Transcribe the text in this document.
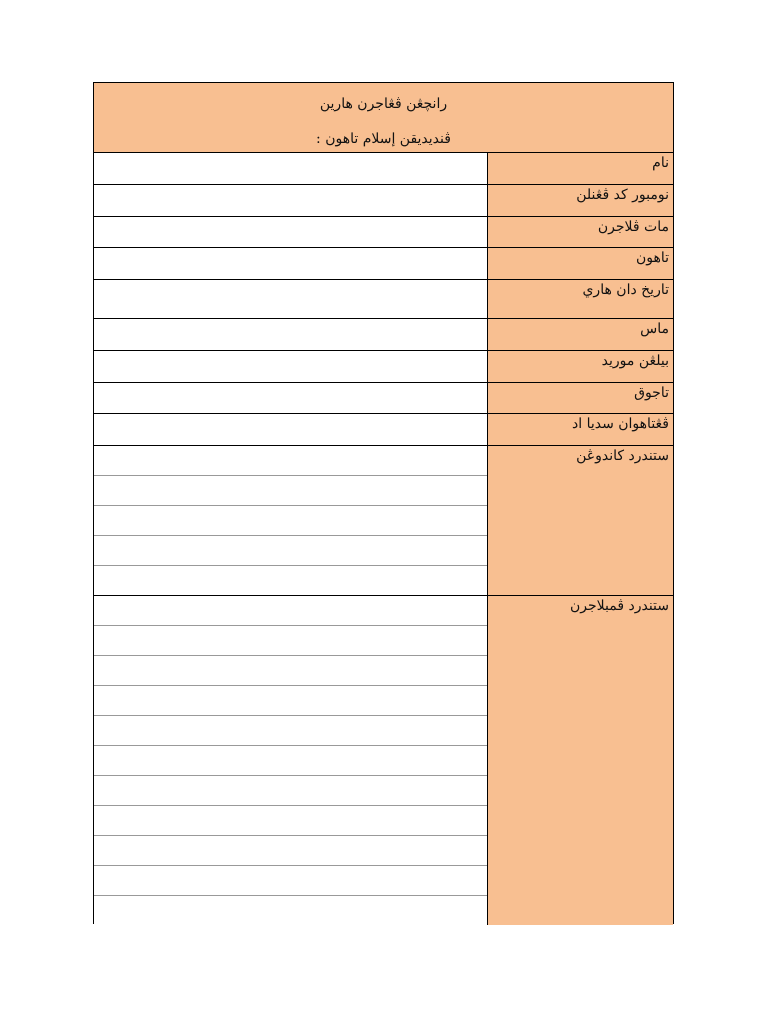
رانچڠن ڤڠاجرن هارين
ڤنديديقن إسلام تاهون :
نام
نومبور كد ڤڠنلن
مات ڤلاجرن
تاهون
تاريخ دان هاري
ماس
بيلڠن موريد
تاجوق
ڤڠتاهوان سديا اد
ستندرد كاندوڠن
ستندرد ڤمبلاجرن
